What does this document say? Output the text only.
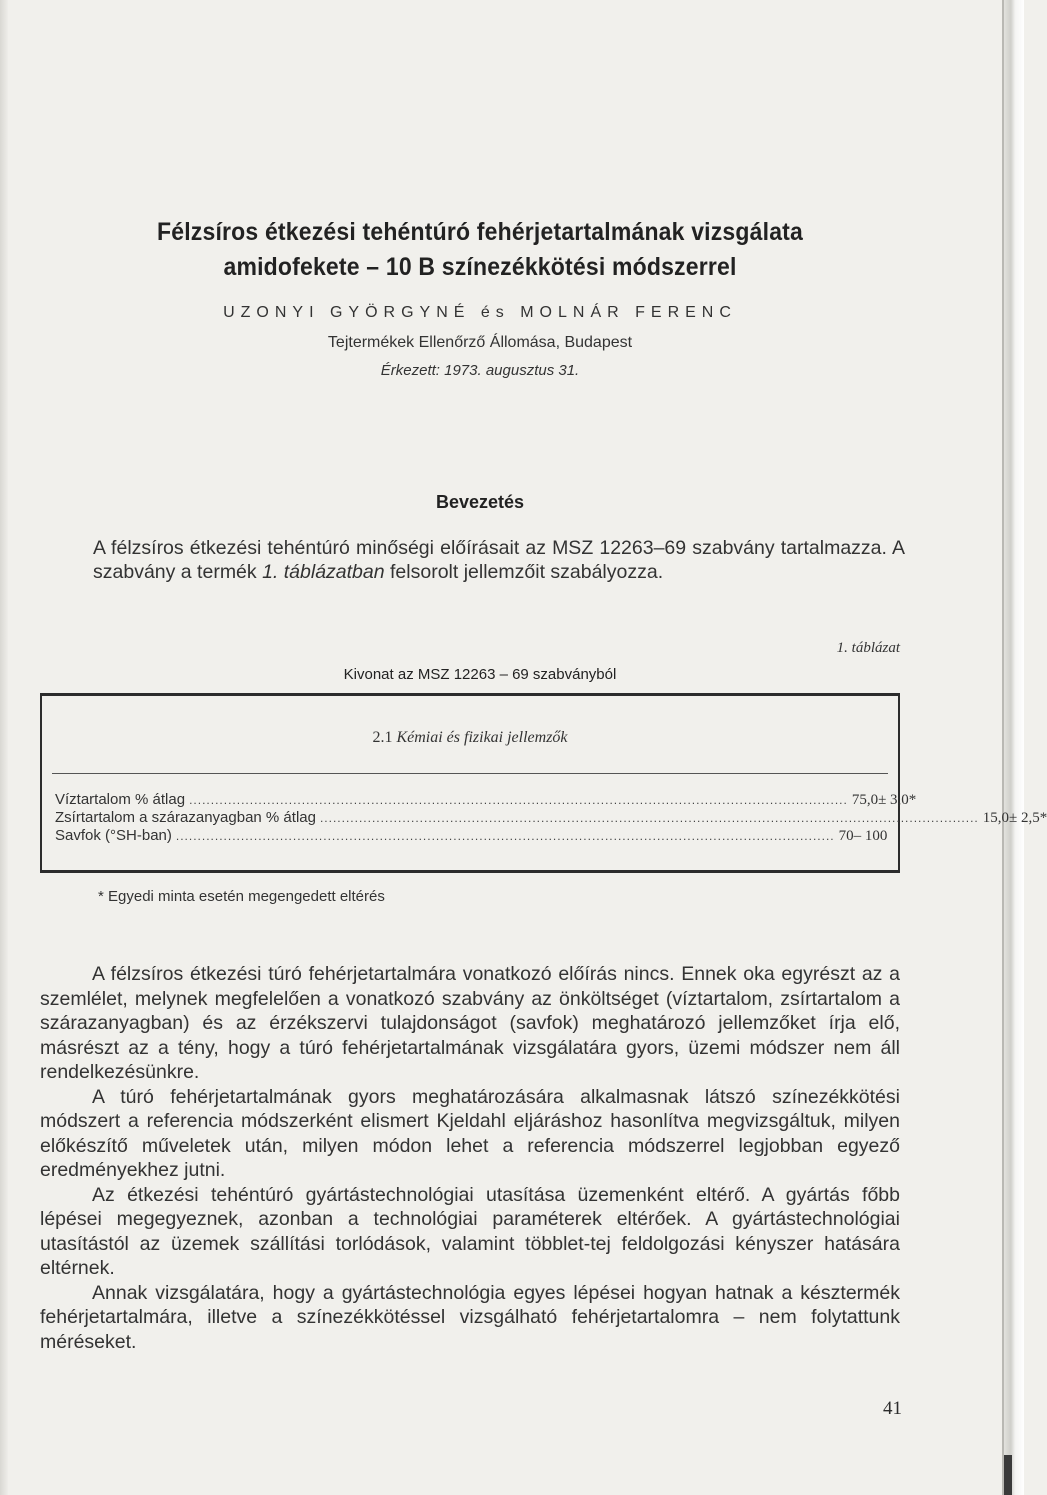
Félzsíros étkezési tehéntúró fehérjetartalmának vizsgálata
amidofekete – 10 B színezékkötési módszerrel
UZONYI GYÖRGYNÉ és MOLNÁR FERENC
Tejtermékek Ellenőrző Állomása, Budapest
Érkezett: 1973. augusztus 31.
Bevezetés
A félzsíros étkezési tehéntúró minőségi előírásait az MSZ 12263–69 szabvány tartalmazza. A szabvány a termék 1. táblázatban felsorolt jellemzőit szabályozza.
1. táblázat
Kivonat az MSZ 12263 – 69 szabványból
2.1 Kémiai és fizikai jellemzők
Víztartalom % átlag ........................................................................................................................................................ 75,0± 3,0*
Zsírtartalom a szárazanyagban % átlag ........................................................................................................................................................ 15,0± 2,5*
Savfok (°SH-ban) ........................................................................................................................................................ 70– 100
* Egyedi minta esetén megengedett eltérés

A félzsíros étkezési túró fehérjetartalmára vonatkozó előírás nincs. Ennek oka egyrészt az a szemlélet, melynek megfelelően a vonatkozó szabvány az önköltséget (víztartalom, zsírtartalom a szárazanyagban) és az érzékszervi tulajdonságot (savfok) meghatározó jellemzőket írja elő, másrészt az a tény, hogy a túró fehérjetartalmának vizsgálatára gyors, üzemi módszer nem áll rendelkezésünkre.

A túró fehérjetartalmának gyors meghatározására alkalmasnak látszó színezékkötési módszert a referencia módszerként elismert Kjeldahl eljáráshoz hasonlítva megvizsgáltuk, milyen előkészítő műveletek után, milyen módon lehet a referencia módszerrel legjobban egyező eredményekhez jutni.

Az étkezési tehéntúró gyártástechnológiai utasítása üzemenként eltérő. A gyártás főbb lépései megegyeznek, azonban a technológiai paraméterek eltérőek. A gyártástechnológiai utasítástól az üzemek szállítási torlódások, valamint többlet-tej feldolgozási kényszer hatására eltérnek.

Annak vizsgálatára, hogy a gyártástechnológia egyes lépései hogyan hatnak a késztermék fehérjetartalmára, illetve a színezékkötéssel vizsgálható fehérjetartalomra – nem folytattunk méréseket.

41
